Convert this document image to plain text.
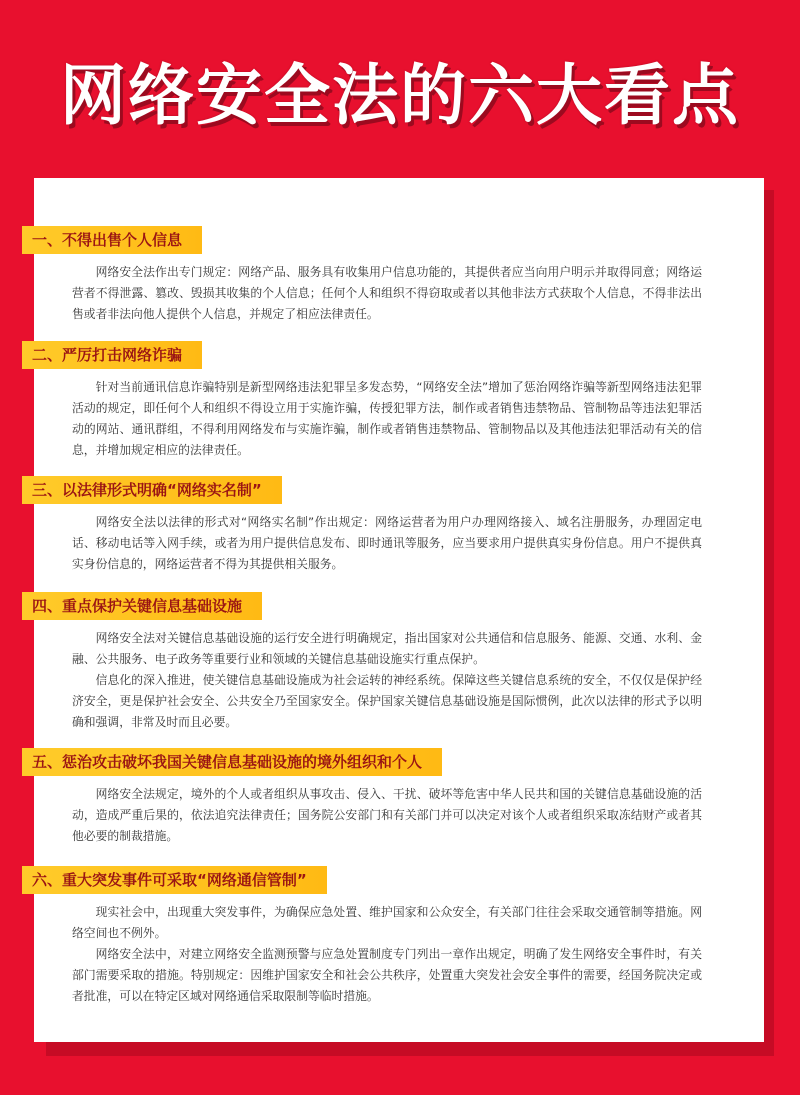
网络安全法的六大看点
一、不得出售个人信息

网络安全法作出专门规定：网络产品、服务具有收集用户信息功能的，其提供者应当向用户明示并取得同意；网络运营者不得泄露、篡改、毁损其收集的个人信息；任何个人和组织不得窃取或者以其他非法方式获取个人信息，不得非法出售或者非法向他人提供个人信息，并规定了相应法律责任。

二、严厉打击网络诈骗

针对当前通讯信息诈骗特别是新型网络违法犯罪呈多发态势，“网络安全法”增加了惩治网络诈骗等新型网络违法犯罪活动的规定，即任何个人和组织不得设立用于实施诈骗，传授犯罪方法，制作或者销售违禁物品、管制物品等违法犯罪活动的网站、通讯群组，不得利用网络发布与实施诈骗，制作或者销售违禁物品、管制物品以及其他违法犯罪活动有关的信息，并增加规定相应的法律责任。

三、以法律形式明确“网络实名制”

网络安全法以法律的形式对“网络实名制”作出规定：网络运营者为用户办理网络接入、域名注册服务，办理固定电话、移动电话等入网手续，或者为用户提供信息发布、即时通讯等服务，应当要求用户提供真实身份信息。用户不提供真实身份信息的，网络运营者不得为其提供相关服务。

四、重点保护关键信息基础设施

网络安全法对关键信息基础设施的运行安全进行明确规定，指出国家对公共通信和信息服务、能源、交通、水利、金融、公共服务、电子政务等重要行业和领域的关键信息基础设施实行重点保护。

信息化的深入推进，使关键信息基础设施成为社会运转的神经系统。保障这些关键信息系统的安全，不仅仅是保护经济安全，更是保护社会安全、公共安全乃至国家安全。保护国家关键信息基础设施是国际惯例，此次以法律的形式予以明确和强调，非常及时而且必要。

五、惩治攻击破坏我国关键信息基础设施的境外组织和个人

网络安全法规定，境外的个人或者组织从事攻击、侵入、干扰、破坏等危害中华人民共和国的关键信息基础设施的活动，造成严重后果的，依法追究法律责任；国务院公安部门和有关部门并可以决定对该个人或者组织采取冻结财产或者其他必要的制裁措施。

六、重大突发事件可采取“网络通信管制”

现实社会中，出现重大突发事件，为确保应急处置、维护国家和公众安全，有关部门往往会采取交通管制等措施。网络空间也不例外。

网络安全法中，对建立网络安全监测预警与应急处置制度专门列出一章作出规定，明确了发生网络安全事件时，有关部门需要采取的措施。特别规定：因维护国家安全和社会公共秩序，处置重大突发社会安全事件的需要，经国务院决定或者批准，可以在特定区域对网络通信采取限制等临时措施。
